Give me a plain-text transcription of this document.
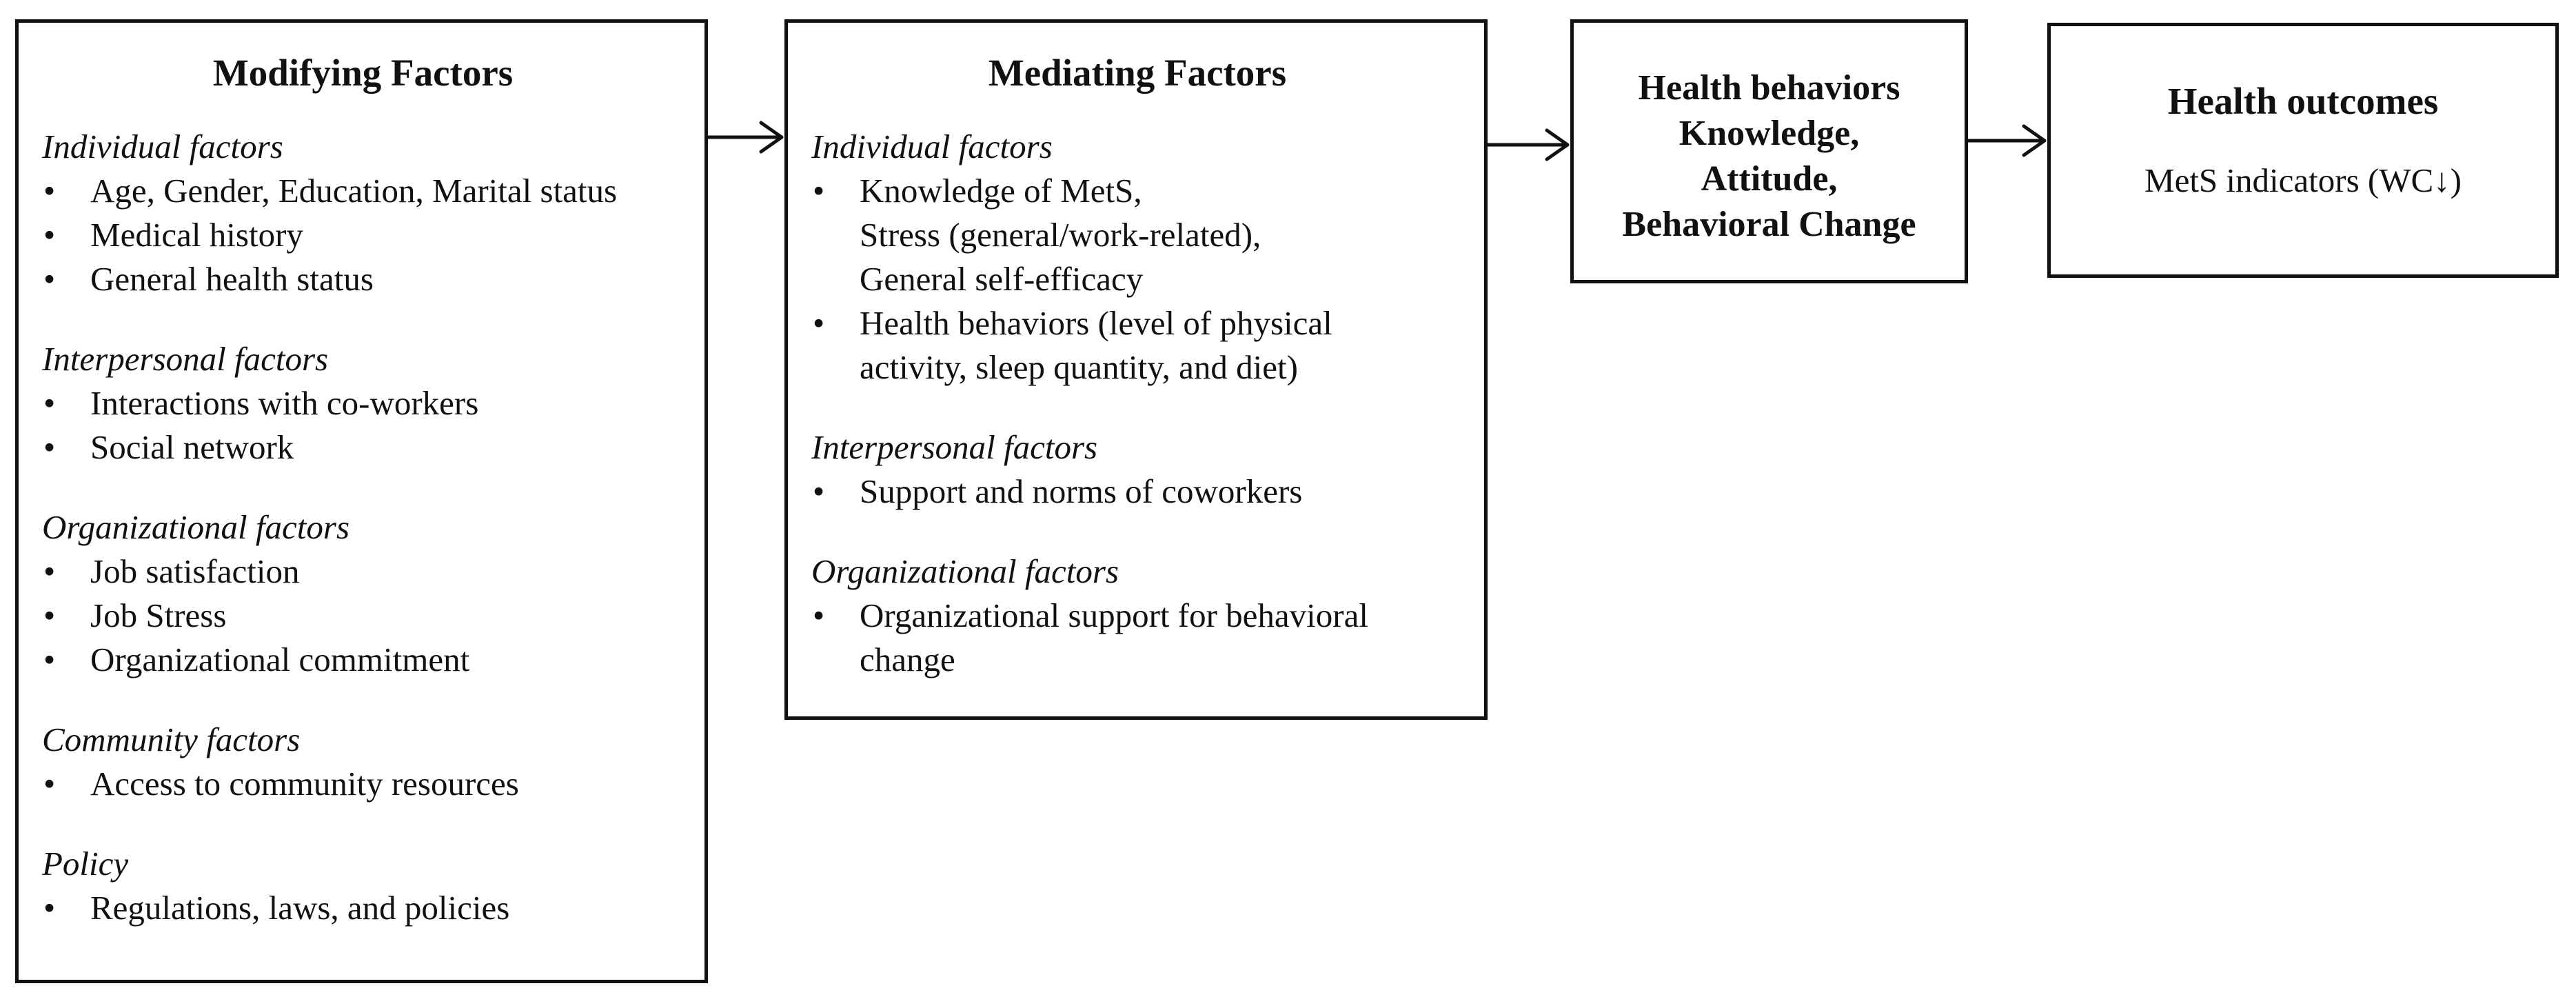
Modifying Factors
Individual factors
• Age, Gender, Education, Marital status
• Medical history
• General health status
Interpersonal factors
• Interactions with co-workers
• Social network
Organizational factors
• Job satisfaction
• Job Stress
• Organizational commitment
Community factors
• Access to community resources
Policy
• Regulations, laws, and policies
Mediating Factors
Individual factors
• Knowledge of MetS,
Stress (general/work-related),
General self-efficacy
• Health behaviors (level of physical
activity, sleep quantity, and diet)
Interpersonal factors
• Support and norms of coworkers
Organizational factors
• Organizational support for behavioral
change
Health behaviors
Knowledge,
Attitude,
Behavioral Change
Health outcomes
MetS indicators (WC↓)
